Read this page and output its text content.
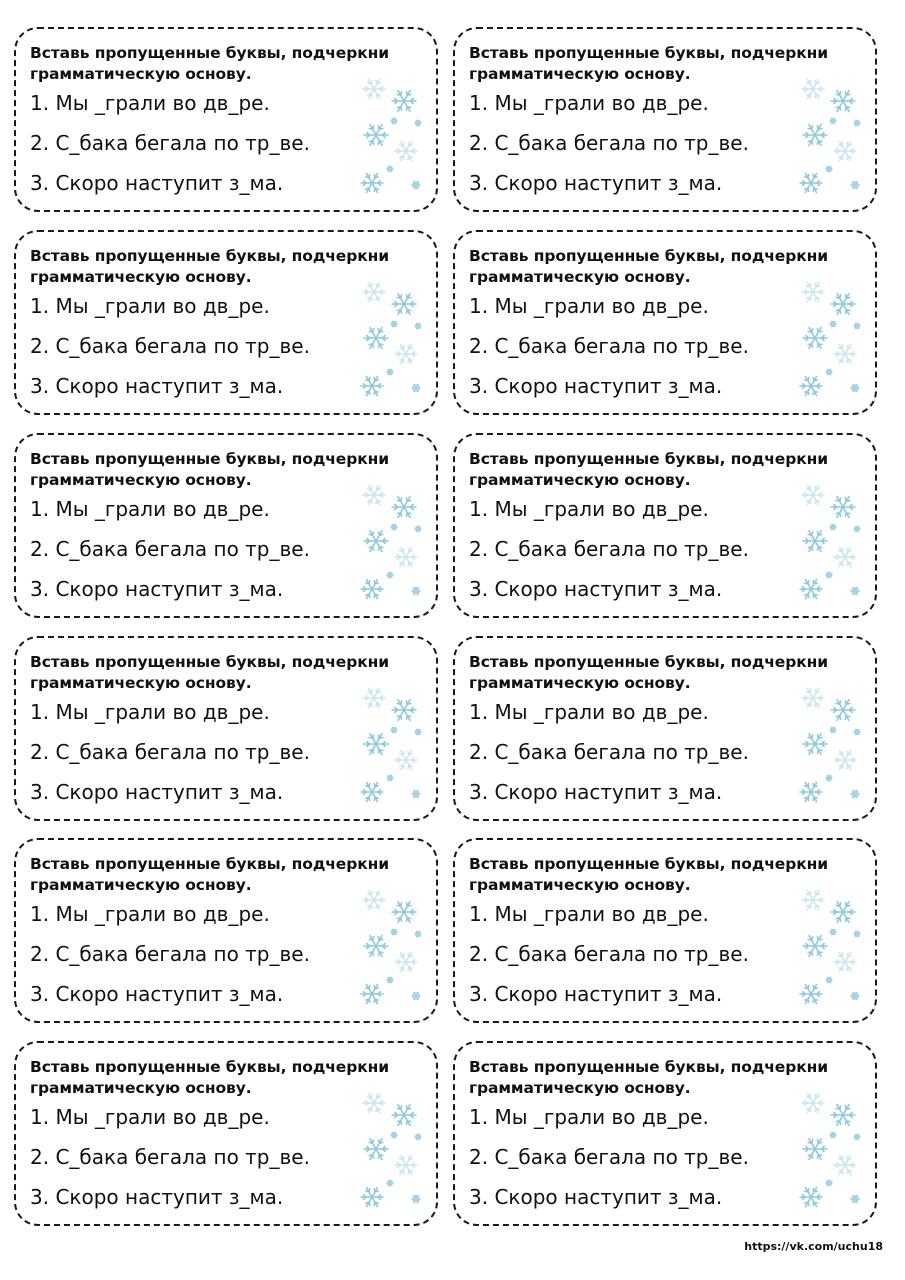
Вставь пропущенные буквы, подчеркни грамматическую основу.
1. Мы _грали во дв_ре.
2. С_бака бегала по тр_ве.
3. Скоро наступит з_ма.
Вставь пропущенные буквы, подчеркни грамматическую основу.
1. Мы _грали во дв_ре.
2. С_бака бегала по тр_ве.
3. Скоро наступит з_ма.
Вставь пропущенные буквы, подчеркни грамматическую основу.
1. Мы _грали во дв_ре.
2. С_бака бегала по тр_ве.
3. Скоро наступит з_ма.
Вставь пропущенные буквы, подчеркни грамматическую основу.
1. Мы _грали во дв_ре.
2. С_бака бегала по тр_ве.
3. Скоро наступит з_ма.
Вставь пропущенные буквы, подчеркни грамматическую основу.
1. Мы _грали во дв_ре.
2. С_бака бегала по тр_ве.
3. Скоро наступит з_ма.
Вставь пропущенные буквы, подчеркни грамматическую основу.
1. Мы _грали во дв_ре.
2. С_бака бегала по тр_ве.
3. Скоро наступит з_ма.
Вставь пропущенные буквы, подчеркни грамматическую основу.
1. Мы _грали во дв_ре.
2. С_бака бегала по тр_ве.
3. Скоро наступит з_ма.
Вставь пропущенные буквы, подчеркни грамматическую основу.
1. Мы _грали во дв_ре.
2. С_бака бегала по тр_ве.
3. Скоро наступит з_ма.
Вставь пропущенные буквы, подчеркни грамматическую основу.
1. Мы _грали во дв_ре.
2. С_бака бегала по тр_ве.
3. Скоро наступит з_ма.
Вставь пропущенные буквы, подчеркни грамматическую основу.
1. Мы _грали во дв_ре.
2. С_бака бегала по тр_ве.
3. Скоро наступит з_ма.
Вставь пропущенные буквы, подчеркни грамматическую основу.
1. Мы _грали во дв_ре.
2. С_бака бегала по тр_ве.
3. Скоро наступит з_ма.
Вставь пропущенные буквы, подчеркни грамматическую основу.
1. Мы _грали во дв_ре.
2. С_бака бегала по тр_ве.
3. Скоро наступит з_ма.
https://vk.com/uchu18
